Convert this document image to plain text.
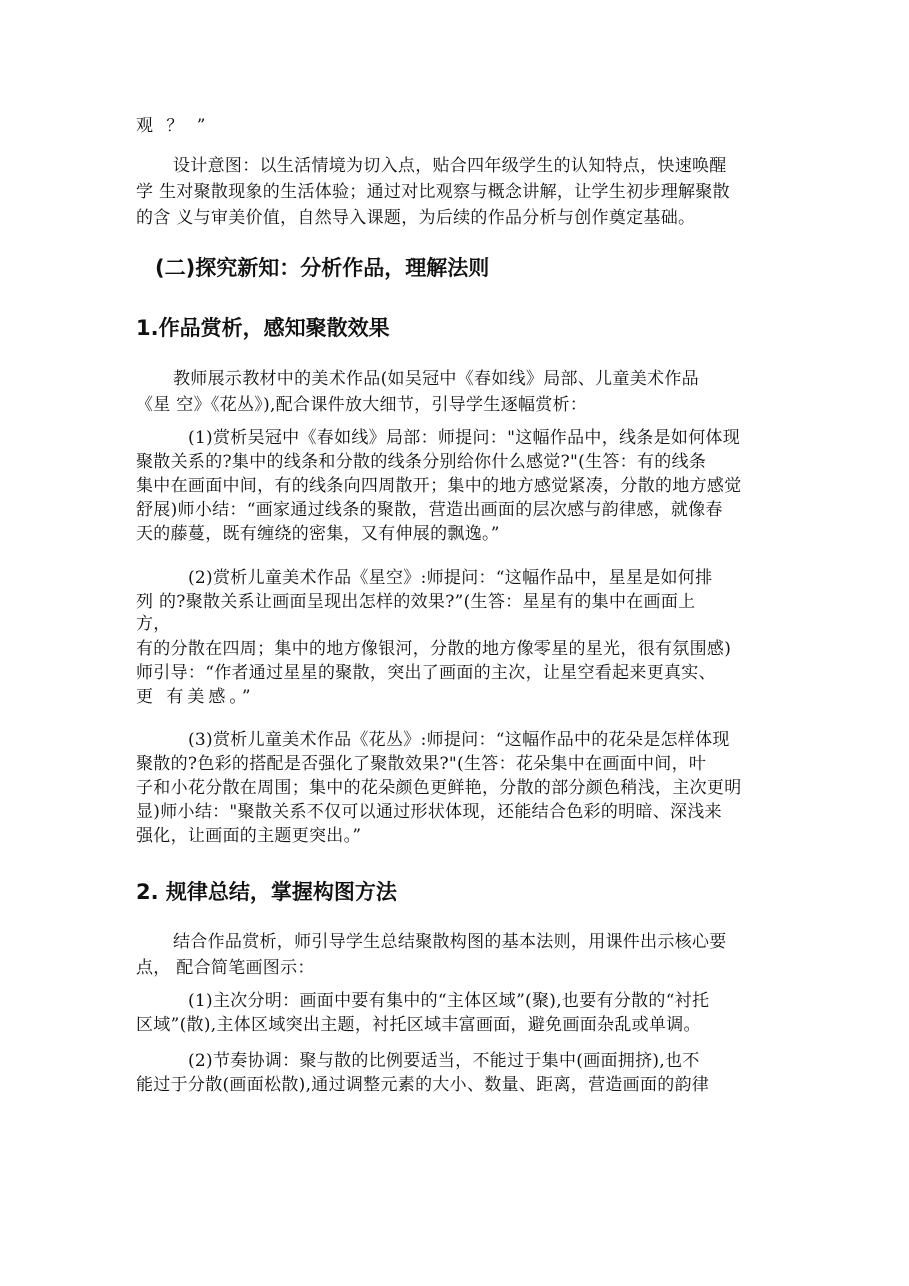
观 ？ ”

设计意图：以生活情境为切入点，贴合四年级学生的认知特点，快速唤醒

学 生对聚散现象的生活体验；通过对比观察与概念讲解，让学生初步理解聚散

的含 义与审美价值，自然导入课题，为后续的作品分析与创作奠定基础。

(二)探究新知：分析作品，理解法则
1.作品赏析，感知聚散效果

教师展示教材中的美术作品(如吴冠中《春如线》局部、儿童美术作品

《星 空》《花丛》),配合课件放大细节，引导学生逐幅赏析：

(1)赏析吴冠中《春如线》局部：师提问："这幅作品中，线条是如何体现

聚散关系的?集中的线条和分散的线条分别给你什么感觉?"(生答：有的线条

集中在画面中间，有的线条向四周散开；集中的地方感觉紧凑，分散的地方感觉

舒展)师小结：“画家通过线条的聚散，营造出画面的层次感与韵律感，就像春

天的藤蔓，既有缠绕的密集，又有伸展的飘逸。”

(2)赏析儿童美术作品《星空》:师提问：“这幅作品中，星星是如何排

列 的?聚散关系让画面呈现出怎样的效果?”(生答：星星有的集中在画面上

方，

有的分散在四周；集中的地方像银河，分散的地方像零星的星光，很有氛围感)

师引导：“作者通过星星的聚散，突出了画面的主次，让星空看起来更真实、

更 有美感。”

(3)赏析儿童美术作品《花丛》:师提问：“这幅作品中的花朵是怎样体现

聚散的?色彩的搭配是否强化了聚散效果?"(生答：花朵集中在画面中间，叶

子和小花分散在周围；集中的花朵颜色更鲜艳，分散的部分颜色稍浅，主次更明

显)师小结："聚散关系不仅可以通过形状体现，还能结合色彩的明暗、深浅来

强化，让画面的主题更突出。”

2. 规律总结，掌握构图方法

结合作品赏析，师引导学生总结聚散构图的基本法则，用课件出示核心要

点， 配合简笔画图示：

(1)主次分明：画面中要有集中的“主体区域”(聚),也要有分散的“衬托

区域”(散),主体区域突出主题，衬托区域丰富画面，避免画面杂乱或单调。

(2)节奏协调：聚与散的比例要适当，不能过于集中(画面拥挤),也不

能过于分散(画面松散),通过调整元素的大小、数量、距离，营造画面的韵律
